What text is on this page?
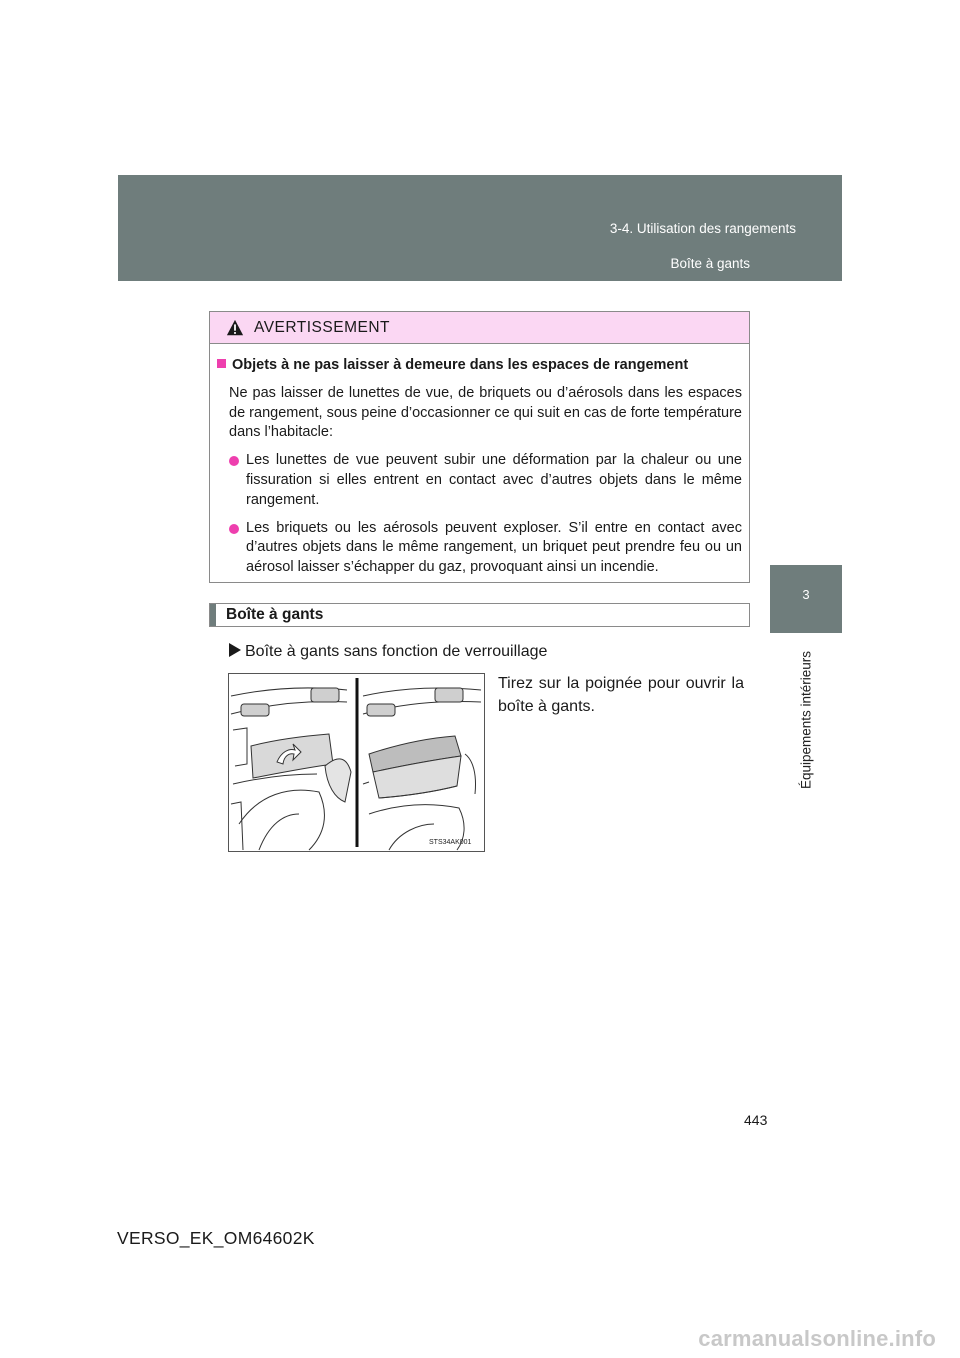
3-4. Utilisation des rangements
Boîte à gants
3
Équipements intérieurs
AVERTISSEMENT
Objets à ne pas laisser à demeure dans les espaces de rangement
Ne pas laisser de lunettes de vue, de briquets ou d’aérosols dans les espaces de rangement, sous peine d’occasionner ce qui suit en cas de forte température dans l’habitacle:
Les lunettes de vue peuvent subir une déformation par la chaleur ou une fissuration si elles entrent en contact avec d’autres objets dans le même rangement.
Les briquets ou les aérosols peuvent exploser. S’il entre en contact avec d’autres objets dans le même rangement, un briquet peut prendre feu ou un aérosol laisser s’échapper du gaz, provoquant ainsi un incendie.
Boîte à gants
Boîte à gants sans fonction de verrouillage
STS34AK001
Tirez sur la poignée pour ouvrir la boîte à gants.
443
VERSO_EK_OM64602K
carmanualsonline.info
